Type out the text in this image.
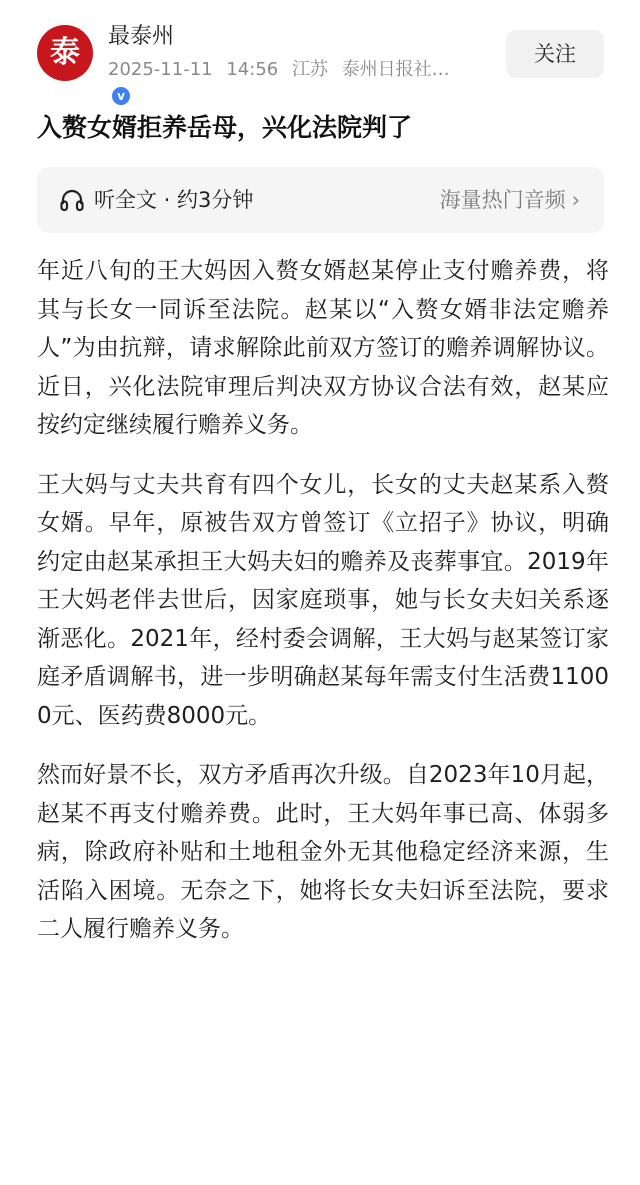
泰
v
最泰州
2025-11-11 14:56 江苏 泰州日报社…
关注
入赘女婿拒养岳母，兴化法院判了
听全文 · 约3分钟	海量热门音频 ›

年近八旬的王大妈因入赘女婿赵某停止支付赡养费，将其与长女一同诉至法院。赵某以“入赘女婿非法定赡养人”为由抗辩，请求解除此前双方签订的赡养调解协议。近日，兴化法院审理后判决双方协议合法有效，赵某应按约定继续履行赡养义务。

王大妈与丈夫共育有四个女儿，长女的丈夫赵某系入赘女婿。早年，原被告双方曾签订《立招子》协议，明确约定由赵某承担王大妈夫妇的赡养及丧葬事宜。2019年王大妈老伴去世后，因家庭琐事，她与长女夫妇关系逐渐恶化。2021年，经村委会调解，王大妈与赵某签订家庭矛盾调解书，进一步明确赵某每年需支付生活费11000元、医药费8000元。

然而好景不长，双方矛盾再次升级。自2023年10月起，赵某不再支付赡养费。此时，王大妈年事已高、体弱多病，除政府补贴和土地租金外无其他稳定经济来源，生活陷入困境。无奈之下，她将长女夫妇诉至法院，要求二人履行赡养义务。
